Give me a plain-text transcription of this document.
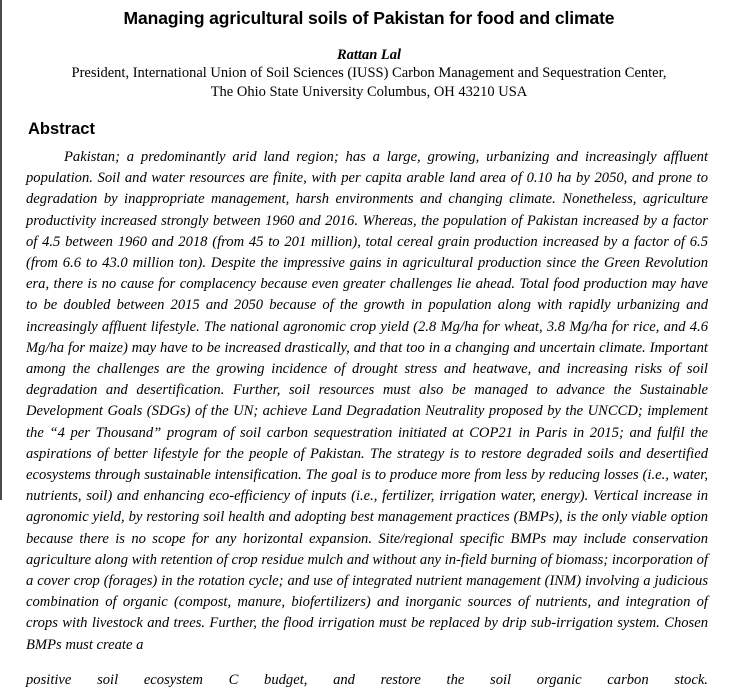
Managing agricultural soils of Pakistan for food and climate
Rattan Lal
President, International Union of Soil Sciences (IUSS) Carbon Management and Sequestration Center,
The Ohio State University Columbus, OH 43210 USA
Abstract

Pakistan; a predominantly arid land region; has a large, growing, urbanizing and increasingly affluent population. Soil and water resources are finite, with per capita arable land area of 0.10 ha by 2050, and prone to degradation by inappropriate management, harsh environments and changing climate. Nonetheless, agriculture productivity increased strongly between 1960 and 2016. Whereas, the population of Pakistan increased by a factor of 4.5 between 1960 and 2018 (from 45 to 201 million), total cereal grain production increased by a factor of 6.5 (from 6.6 to 43.0 million ton). Despite the impressive gains in agricultural production since the Green Revolution era, there is no cause for complacency because even greater challenges lie ahead. Total food production may have to be doubled between 2015 and 2050 because of the growth in population along with rapidly urbanizing and increasingly affluent lifestyle. The national agronomic crop yield (2.8 Mg/ha for wheat, 3.8 Mg/ha for rice, and 4.6 Mg/ha for maize) may have to be increased drastically, and that too in a changing and uncertain climate. Important among the challenges are the growing incidence of drought stress and heatwave, and increasing risks of soil degradation and desertification. Further, soil resources must also be managed to advance the Sustainable Development Goals (SDGs) of the UN; achieve Land Degradation Neutrality proposed by the UNCCD; implement the “4 per Thousand” program of soil carbon sequestration initiated at COP21 in Paris in 2015; and fulfil the aspirations of better lifestyle for the people of Pakistan. The strategy is to restore degraded soils and desertified ecosystems through sustainable intensification. The goal is to produce more from less by reducing losses (i.e., water, nutrients, soil) and enhancing eco-efficiency of inputs (i.e., fertilizer, irrigation water, energy). Vertical increase in agronomic yield, by restoring soil health and adopting best management practices (BMPs), is the only viable option because there is no scope for any horizontal expansion. Site/regional specific BMPs may include conservation agriculture along with retention of crop residue mulch and without any in-field burning of biomass; incorporation of a cover crop (forages) in the rotation cycle; and use of integrated nutrient management (INM) involving a judicious combination of organic (compost, manure, biofertilizers) and inorganic sources of nutrients, and integration of crops with livestock and trees. Further, the flood irrigation must be replaced by drip sub-irrigation system. Chosen BMPs must create a

positive soil ecosystem C budget, and restore the soil organic carbon stock.
